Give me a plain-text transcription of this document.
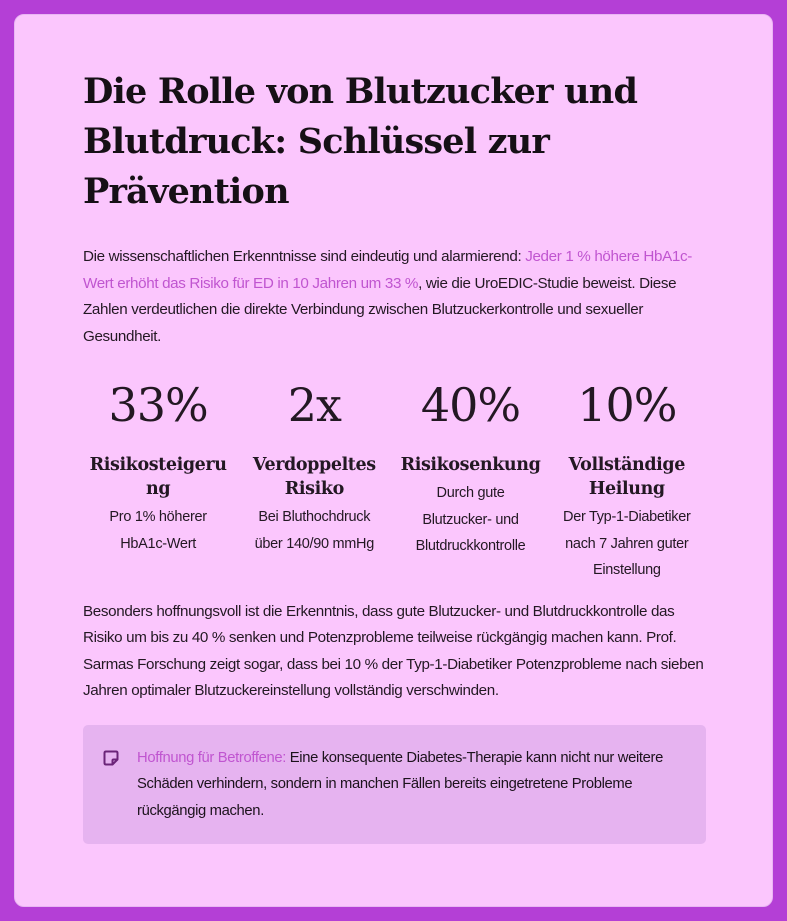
Die Rolle von Blutzucker und Blutdruck: Schlüssel zur Prävention

Die wissenschaftlichen Erkenntnisse sind eindeutig und alarmierend: Jeder 1 % höhere HbA1c-Wert erhöht das Risiko für ED in 10 Jahren um 33 %, wie die UroEDIC-Studie beweist. Diese Zahlen verdeutlichen die direkte Verbindung zwischen Blutzuckerkontrolle und sexueller Gesundheit.

33%
Risikosteigerung
Pro 1% höherer HbA1c-Wert
2x
Verdoppeltes Risiko
Bei Bluthochdruck über 140/90 mmHg
40%
Risikosenkung
Durch gute Blutzucker- und Blutdruckkontrolle
10%
Vollständige Heilung
Der Typ-1-Diabetiker nach 7 Jahren guter Einstellung

Besonders hoffnungsvoll ist die Erkenntnis, dass gute Blutzucker- und Blutdruckkontrolle das Risiko um bis zu 40 % senken und Potenzprobleme teilweise rückgängig machen kann. Prof. Sarmas Forschung zeigt sogar, dass bei 10 % der Typ-1-Diabetiker Potenzprobleme nach sieben Jahren optimaler Blutzuckereinstellung vollständig verschwinden.

Hoffnung für Betroffene: Eine konsequente Diabetes-Therapie kann nicht nur weitere Schäden verhindern, sondern in manchen Fällen bereits eingetretene Probleme rückgängig machen.
